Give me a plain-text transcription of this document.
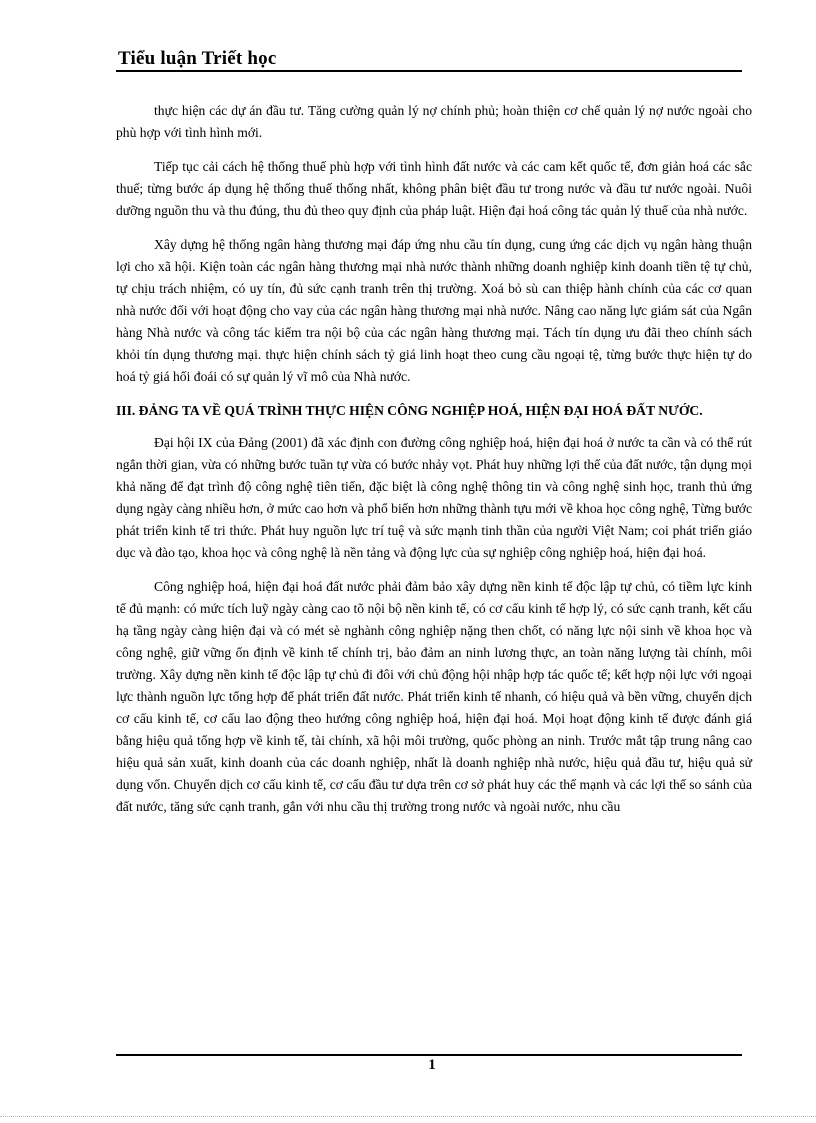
Tiểu luận Triết học

thực hiện các dự án đầu tư. Tăng cường quản lý nợ chính phủ; hoàn thiện cơ chế quản lý nợ nước ngoài cho phù hợp với tình hình mới.

Tiếp tục cải cách hệ thống thuế phù hợp với tình hình đất nước và các cam kết quốc tế, đơn giản hoá các sắc thuế; từng bước áp dụng hệ thống thuế thống nhất, không phân biệt đầu tư trong nước và đầu tư nước ngoài. Nuôi dưỡng nguồn thu và thu đúng, thu đủ theo quy định của pháp luật. Hiện đại hoá công tác quản lý thuế của nhà nước.

Xây dựng hệ thống ngân hàng thương mại đáp ứng nhu cầu tín dụng, cung ứng các dịch vụ ngân hàng thuận lợi cho xã hội. Kiện toàn các ngân hàng thương mại nhà nước thành những doanh nghiệp kinh doanh tiền tệ tự chủ, tự chịu trách nhiệm, có uy tín, đủ sức cạnh tranh trên thị trường. Xoá bỏ sù can thiệp hành chính của các cơ quan nhà nước đối với hoạt động cho vay của các ngân hàng thương mại nhà nước. Nâng cao năng lực giám sát của Ngân hàng Nhà nước và công tác kiểm tra nội bộ của các ngân hàng thương mại. Tách tín dụng ưu đãi theo chính sách khỏi tín dụng thương mại. thực hiện chính sách tỷ giá linh hoạt theo cung cầu ngoại tệ, từng bước thực hiện tự do hoá tỷ giá hối đoái có sự quản lý vĩ mô của Nhà nước.

III. ĐẢNG TA VỀ QUÁ TRÌNH THỰC HIỆN CÔNG NGHIỆP HOÁ, HIỆN ĐẠI HOÁ ĐẤT NƯỚC.

Đại hội IX của Đảng (2001) đã xác định con đường công nghiệp hoá, hiện đại hoá ở nước ta cần và có thể rút ngắn thời gian, vừa có những bước tuần tự vừa có bước nhảy vọt. Phát huy những lợi thế của đất nước, tận dụng mọi khả năng để đạt trình độ công nghệ tiên tiến, đặc biệt là công nghệ thông tin và công nghệ sinh học, tranh thủ ứng dụng ngày càng nhiều hơn, ở mức cao hơn và phổ biến hơn những thành tựu mới về khoa học công nghệ, Từng bước phát triển kinh tế tri thức. Phát huy nguồn lực trí tuệ và sức mạnh tinh thần của người Việt Nam; coi phát triển giáo dục và đào tạo, khoa học và công nghệ là nền tảng và động lực của sự nghiệp công nghiệp hoá, hiện đại hoá.

Công nghiệp hoá, hiện đại hoá đất nước phải đảm bảo xây dựng nền kinh tế độc lập tự chủ, có tiềm lực kinh tế đủ mạnh: có mức tích luỹ ngày càng cao tõ nội bộ nền kinh tế, có cơ cấu kinh tế hợp lý, có sức cạnh tranh, kết cấu hạ tầng ngày càng hiện đại và có mét sè nghành công nghiệp nặng then chốt, có năng lực nội sinh về khoa học và công nghệ, giữ vững ổn định về kinh tế chính trị, bảo đảm an ninh lương thực, an toàn năng lượng tài chính, môi trường. Xây dựng nền kinh tế độc lập tự chủ đi đôi với chủ động hội nhập hợp tác quốc tế; kết hợp nội lực với ngoại lực thành nguồn lực tổng hợp để phát triển đất nước. Phát triển kinh tế nhanh, có hiệu quả và bền vững, chuyển dịch cơ cấu kinh tế, cơ cấu lao động theo hướng công nghiệp hoá, hiện đại hoá. Mọi hoạt động kinh tế được đánh giá bằng hiệu quả tổng hợp về kinh tế, tài chính, xã hội môi trường, quốc phòng an ninh. Trước mắt tập trung nâng cao hiệu quả sản xuất, kinh doanh của các doanh nghiệp, nhất là doanh nghiệp nhà nước, hiệu quả đầu tư, hiệu quả sử dụng vốn. Chuyển dịch cơ cấu kinh tế, cơ cấu đầu tư dựa trên cơ sở phát huy các thế mạnh và các lợi thế so sánh của đất nước, tăng sức cạnh tranh, gắn với nhu cầu thị trường trong nước và ngoài nước, nhu cầu

1
